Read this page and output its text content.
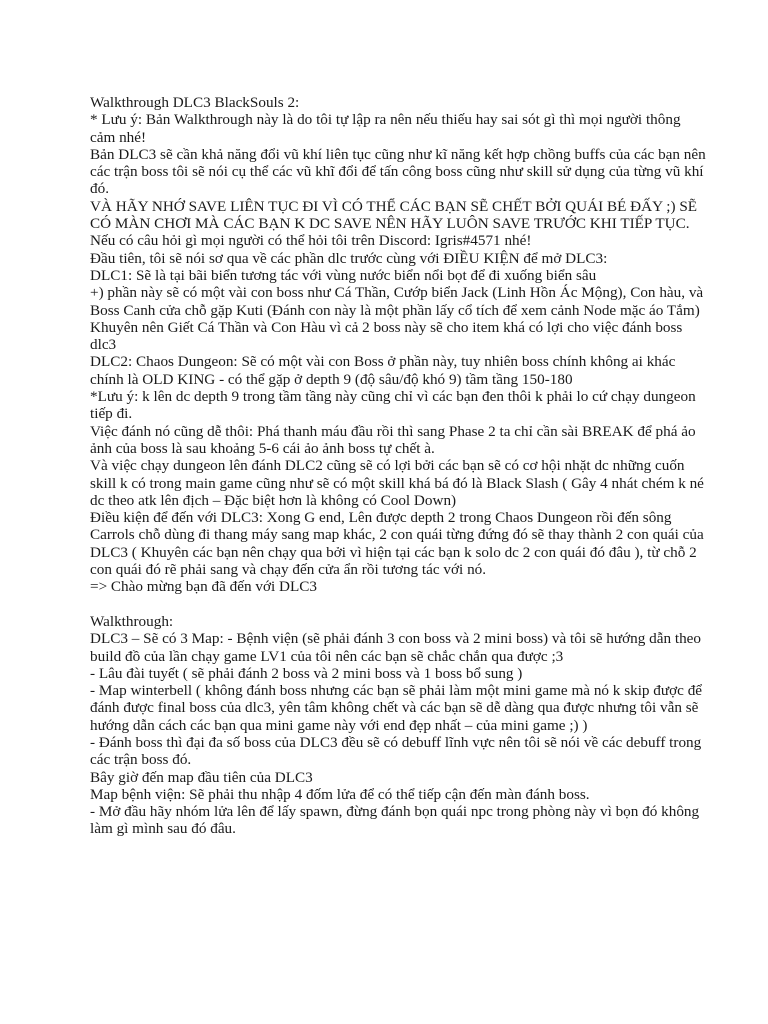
Walkthrough DLC3 BlackSouls 2:

* Lưu ý: Bản Walkthrough này là do tôi tự lập ra nên nếu thiếu hay sai sót gì thì mọi người thông cảm nhé!

Bản DLC3 sẽ cần khả năng đổi vũ khí liên tục cũng như kĩ năng kết hợp chồng buffs của các bạn nên các trận boss tôi sẽ nói cụ thể các vũ khĩ đổi để tấn công boss cũng như skill sử dụng của từng vũ khí đó.

VÀ HÃY NHỚ SAVE LIÊN TỤC ĐI VÌ CÓ THỂ CÁC BẠN SẼ CHẾT BỞI QUÁI BÉ ĐẤY ;) SẼ CÓ MÀN CHƠI MÀ CÁC BẠN K DC SAVE NÊN HÃY LUÔN SAVE TRƯỚC KHI TIẾP TỤC.

Nếu có câu hỏi gì mọi người có thể hỏi tôi trên Discord: Igris#4571 nhé!

Đầu tiên, tôi sẽ nói sơ qua về các phần dlc trước cùng với ĐIỀU KIỆN để mở DLC3:

DLC1: Sẽ là tại bãi biển tương tác với vùng nước biển nổi bọt để đi xuống biển sâu

+) phần này sẽ có một vài con boss như Cá Thần, Cướp biển Jack (Linh Hồn Ác Mộng), Con hàu, và Boss Canh cửa chỗ gặp Kuti (Đánh con này là một phần lấy cổ tích để xem cảnh Node mặc áo Tắm)

Khuyên nên Giết Cá Thần và Con Hàu vì cả 2 boss này sẽ cho item khá có lợi cho việc đánh boss dlc3

DLC2: Chaos Dungeon: Sẽ có một vài con Boss ở phần này, tuy nhiên boss chính không ai khác chính là OLD KING - có thể gặp ở depth 9 (độ sâu/độ khó 9) tầm tầng 150-180

*Lưu ý: k lên dc depth 9 trong tầm tầng này cũng chỉ vì các bạn đen thôi k phải lo cứ chạy dungeon tiếp đi.

Việc đánh nó cũng dễ thôi: Phá thanh máu đầu rồi thì sang Phase 2 ta chỉ cần sài BREAK để phá ảo ảnh của boss là sau khoảng 5-6 cái ảo ảnh boss tự chết à.

Và việc chạy dungeon lên đánh DLC2 cũng sẽ có lợi bởi các bạn sẽ có cơ hội nhặt dc những cuốn skill k có trong main game cũng như sẽ có một skill khá bá đó là Black Slash ( Gây 4 nhát chém k né dc theo atk lên địch – Đặc biệt hơn là không có Cool Down)

Điều kiện để đến với DLC3: Xong G end, Lên được depth 2 trong Chaos Dungeon rồi đến sông Carrols chỗ dùng đi thang máy sang map khác, 2 con quái từng đứng đó sẽ thay thành 2 con quái của DLC3 ( Khuyên các bạn nên chạy qua bởi vì hiện tại các bạn k solo dc 2 con quái đó đâu ), từ chỗ 2 con quái đó rẽ phải sang và chạy đến cửa ẩn rồi tương tác với nó.

=> Chào mừng bạn đã đến với DLC3

Walkthrough:

DLC3 – Sẽ có 3 Map: - Bệnh viện (sẽ phải đánh 3 con boss và 2 mini boss) và tôi sẽ hướng dẫn theo build đồ của lần chạy game LV1 của tôi nên các bạn sẽ chắc chắn qua được ;3

- Lâu đài tuyết ( sẽ phải đánh 2 boss và 2 mini boss và 1 boss bổ sung )

- Map winterbell ( không đánh boss nhưng các bạn sẽ phải làm một mini game mà nó k skip được để đánh được final boss của dlc3, yên tâm không chết và các bạn sẽ dễ dàng qua được nhưng tôi vẫn sẽ hướng dẫn cách các bạn qua mini game này với end đẹp nhất – của mini game ;) )

- Đánh boss thì đại đa số boss của DLC3 đều sẽ có debuff lĩnh vực nên tôi sẽ nói về các debuff trong các trận boss đó.

Bây giờ đến map đầu tiên của DLC3

Map bệnh viện: Sẽ phải thu nhập 4 đốm lửa để có thể tiếp cận đến màn đánh boss.

- Mở đầu hãy nhóm lửa lên để lấy spawn, đừng đánh bọn quái npc trong phòng này vì bọn đó không làm gì mình sau đó đâu.
